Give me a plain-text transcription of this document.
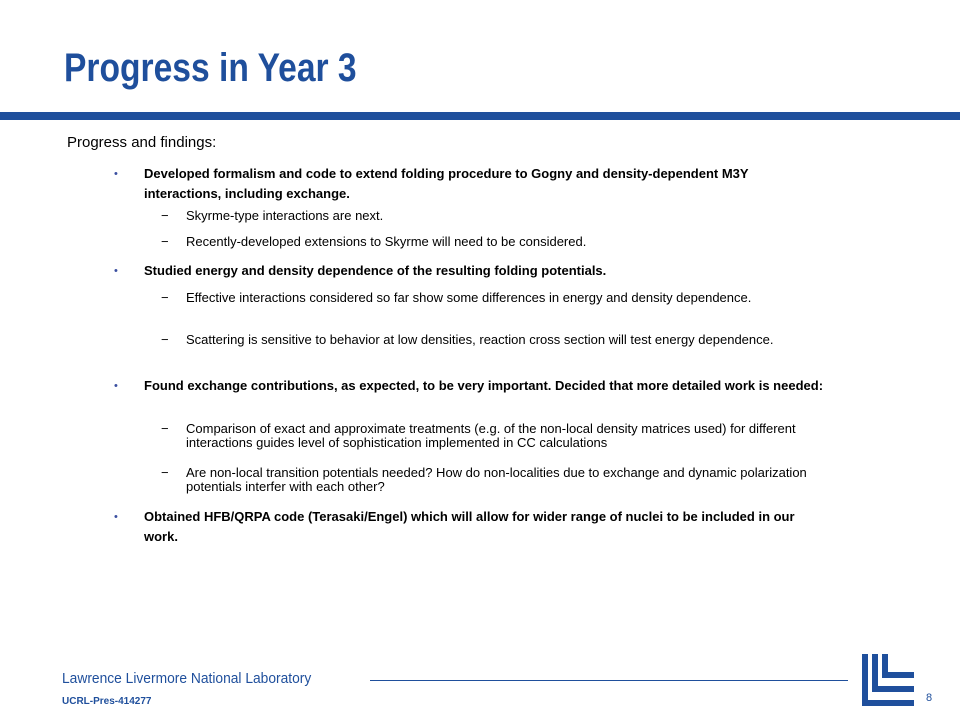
Progress in Year 3
Progress and findings:
• Developed formalism and code to extend folding procedure to Gogny and density-dependent M3Y interactions, including exchange.
− Skyrme-type interactions are next.
− Recently-developed extensions to Skyrme will need to be considered.
• Studied energy and density dependence of the resulting folding potentials.
− Effective interactions considered so far show some differences in energy and density dependence.
− Scattering is sensitive to behavior at low densities, reaction cross section will test energy dependence.
• Found exchange contributions, as expected, to be very important. Decided that more detailed work is needed:
− Comparison of exact and approximate treatments (e.g. of the non-local density matrices used) for different interactions guides level of sophistication implemented in CC calculations
− Are non-local transition potentials needed? How do non-localities due to exchange and dynamic polarization potentials interfer with each other?
• Obtained HFB/QRPA code (Terasaki/Engel) which will allow for wider range of nuclei to be included in our work.
Lawrence Livermore National Laboratory
UCRL-Pres-414277	8
